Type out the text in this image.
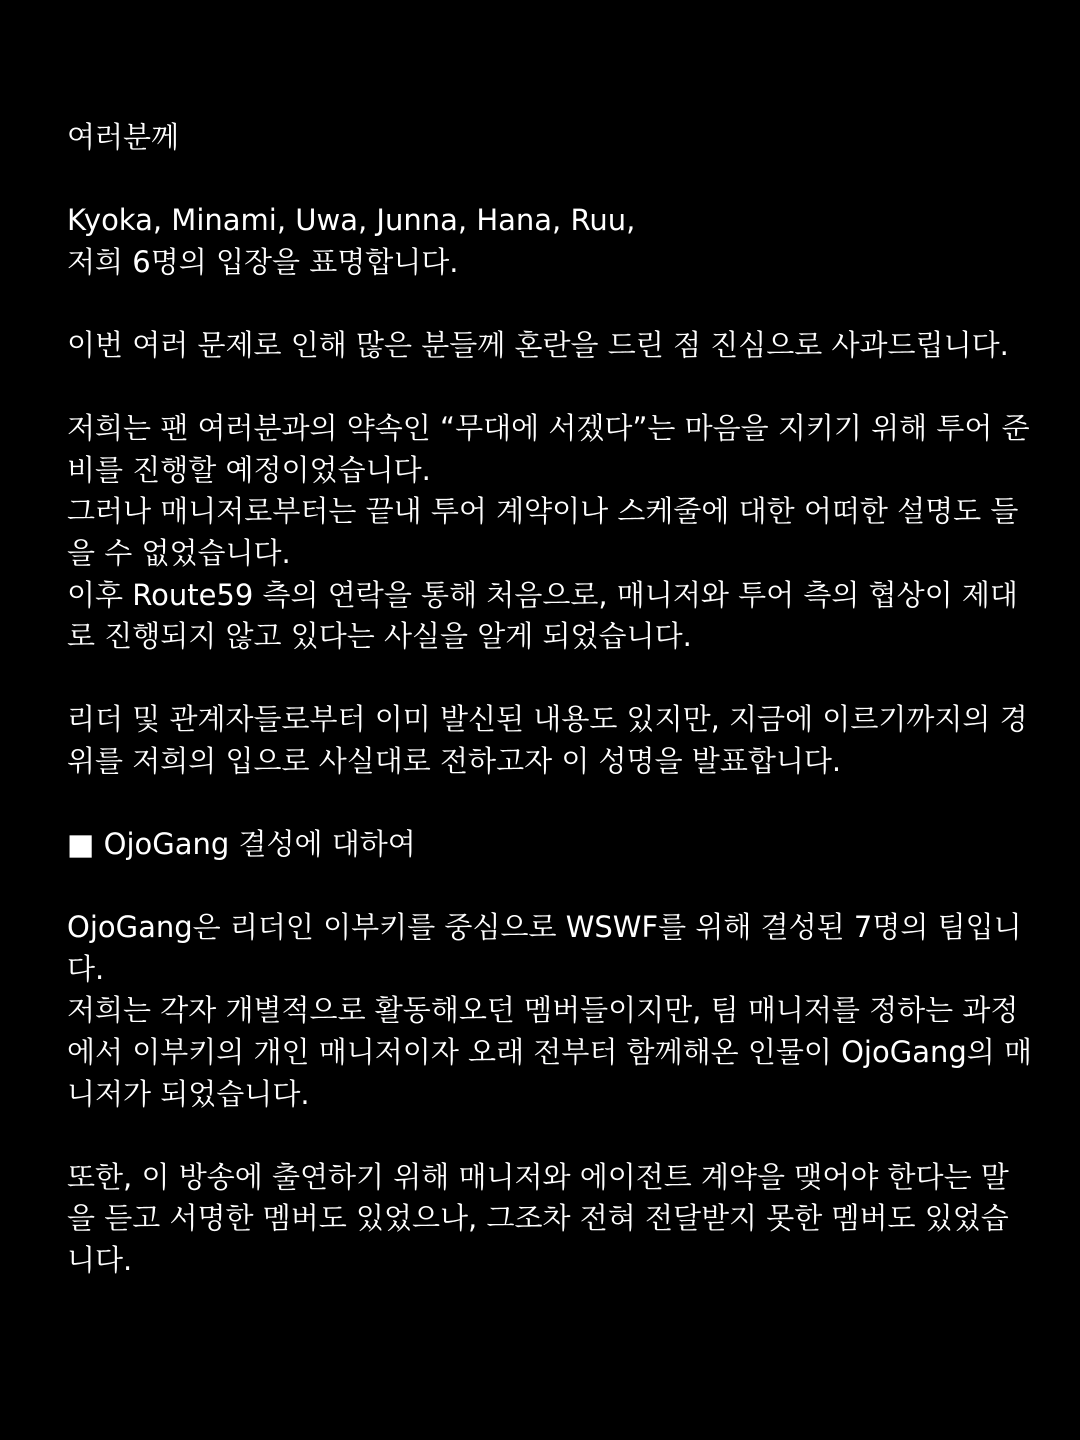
여러분께
Kyoka, Minami, Uwa, Junna, Hana, Ruu,
저희 6명의 입장을 표명합니다.
이번 여러 문제로 인해 많은 분들께 혼란을 드린 점 진심으로 사과드립니다.
저희는 팬 여러분과의 약속인 “무대에 서겠다”는 마음을 지키기 위해 투어 준
비를 진행할 예정이었습니다.
그러나 매니저로부터는 끝내 투어 계약이나 스케줄에 대한 어떠한 설명도 들
을 수 없었습니다.
이후 Route59 측의 연락을 통해 처음으로, 매니저와 투어 측의 협상이 제대
로 진행되지 않고 있다는 사실을 알게 되었습니다.
리더 및 관계자들로부터 이미 발신된 내용도 있지만, 지금에 이르기까지의 경
위를 저희의 입으로 사실대로 전하고자 이 성명을 발표합니다.
■ OjoGang 결성에 대하여
OjoGang은 리더인 이부키를 중심으로 WSWF를 위해 결성된 7명의 팀입니
다.
저희는 각자 개별적으로 활동해오던 멤버들이지만, 팀 매니저를 정하는 과정
에서 이부키의 개인 매니저이자 오래 전부터 함께해온 인물이 OjoGang의 매
니저가 되었습니다.
또한, 이 방송에 출연하기 위해 매니저와 에이전트 계약을 맺어야 한다는 말
을 듣고 서명한 멤버도 있었으나, 그조차 전혀 전달받지 못한 멤버도 있었습
니다.
